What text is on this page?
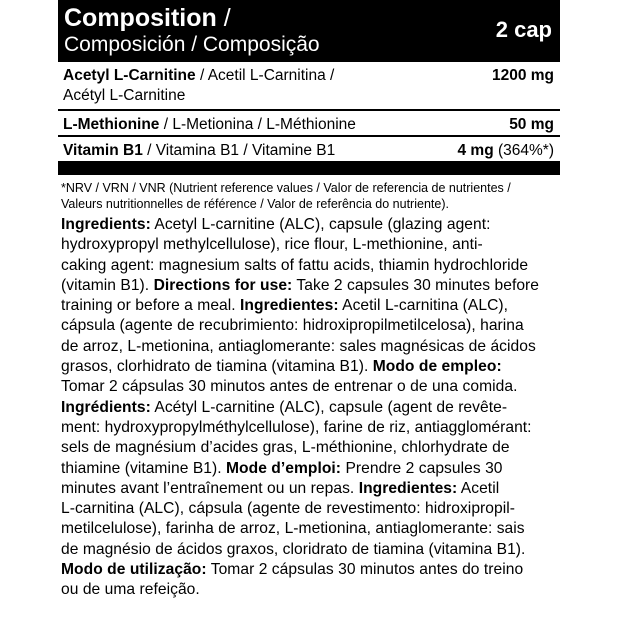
Composition /
Composición / Composição
2 cap
Acetyl L-Carnitine / Acetil L-Carnitina /
Acétyl L-Carnitine
1200 mg
L-Methionine / L-Metionina / L-Méthionine	50 mg
Vitamin B1 / Vitamina B1 / Vitamine B1	4 mg (364%*)
*NRV / VRN / VNR (Nutrient reference values / Valor de referencia de nutrientes /
Valeurs nutritionnelles de référence / Valor de referência do nutriente).
Ingredients: Acetyl L-carnitine (ALC), capsule (glazing agent:
hydroxypropyl methylcellulose), rice flour, L-methionine, anti-
caking agent: magnesium salts of fattu acids, thiamin hydrochloride
(vitamin B1). Directions for use: Take 2 capsules 30 minutes before
training or before a meal. Ingredientes: Acetil L-carnitina (ALC),
cápsula (agente de recubrimiento: hidroxipropilmetilcelosa), harina
de arroz, L-metionina, antiaglomerante: sales magnésicas de ácidos
grasos, clorhidrato de tiamina (vitamina B1). Modo de empleo:
Tomar 2 cápsulas 30 minutos antes de entrenar o de una comida.
Ingrédients: Acétyl L-carnitine (ALC), capsule (agent de revête-
ment: hydroxypropylméthylcellulose), farine de riz, antiagglomérant:
sels de magnésium d’acides gras, L-méthionine, chlorhydrate de
thiamine (vitamine B1). Mode d’emploi: Prendre 2 capsules 30
minutes avant l’entraînement ou un repas. Ingredientes: Acetil
L-carnitina (ALC), cápsula (agente de revestimento: hidroxipropil-
metilcelulose), farinha de arroz, L-metionina, antiaglomerante: sais
de magnésio de ácidos graxos, cloridrato de tiamina (vitamina B1).
Modo de utilização: Tomar 2 cápsulas 30 minutos antes do treino
ou de uma refeição.
